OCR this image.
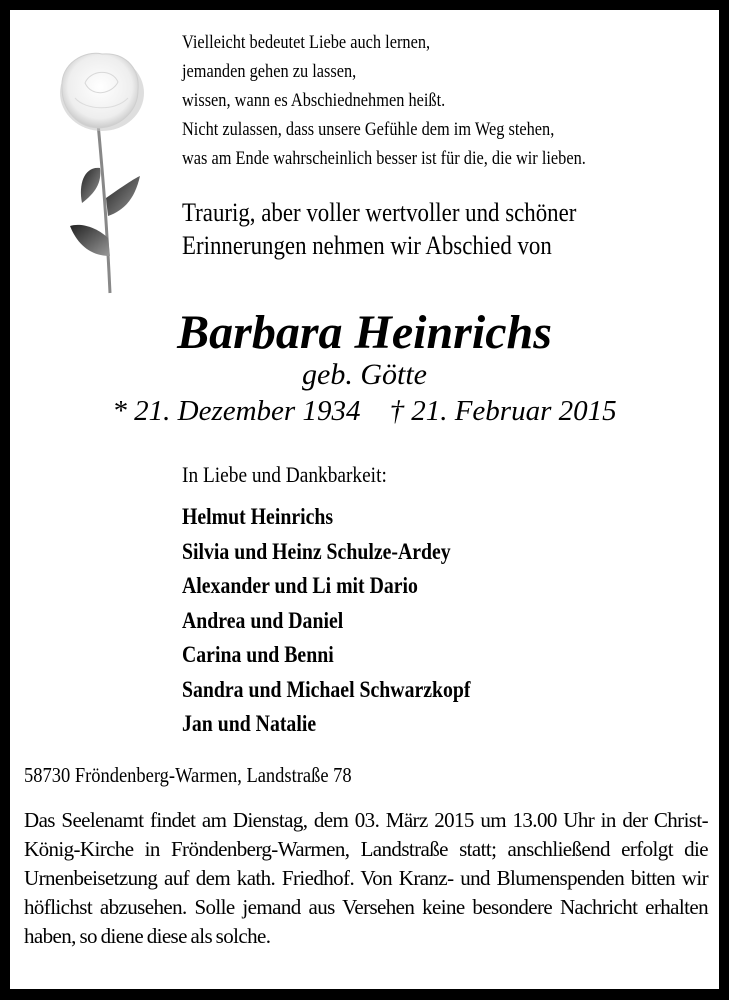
Vielleicht bedeutet Liebe auch lernen,
jemanden gehen zu lassen,
wissen, wann es Abschiednehmen heißt.
Nicht zulassen, dass unsere Gefühle dem im Weg stehen,
was am Ende wahrscheinlich besser ist für die, die wir lieben.
Traurig, aber voller wertvoller und schöner
Erinnerungen nehmen wir Abschied von
Barbara Heinrichs
geb. Götte
* 21. Dezember 1934    † 21. Februar 2015
In Liebe und Dankbarkeit:
Helmut Heinrichs
Silvia und Heinz Schulze-Ardey
Alexander und Li mit Dario
Andrea und Daniel
Carina und Benni
Sandra und Michael Schwarzkopf
Jan und Natalie
58730 Fröndenberg-Warmen, Landstraße 78
Das Seelenamt findet am Dienstag, dem 03. März 2015 um 13.00 Uhr in der Christ-König-Kirche in Fröndenberg-Warmen, Landstraße statt; anschließend erfolgt die Urnenbeisetzung auf dem kath. Friedhof. Von Kranz- und Blumenspenden bitten wir höflichst abzusehen. Solle jemand aus Versehen keine besondere Nachricht erhalten haben, so diene diese als solche.
